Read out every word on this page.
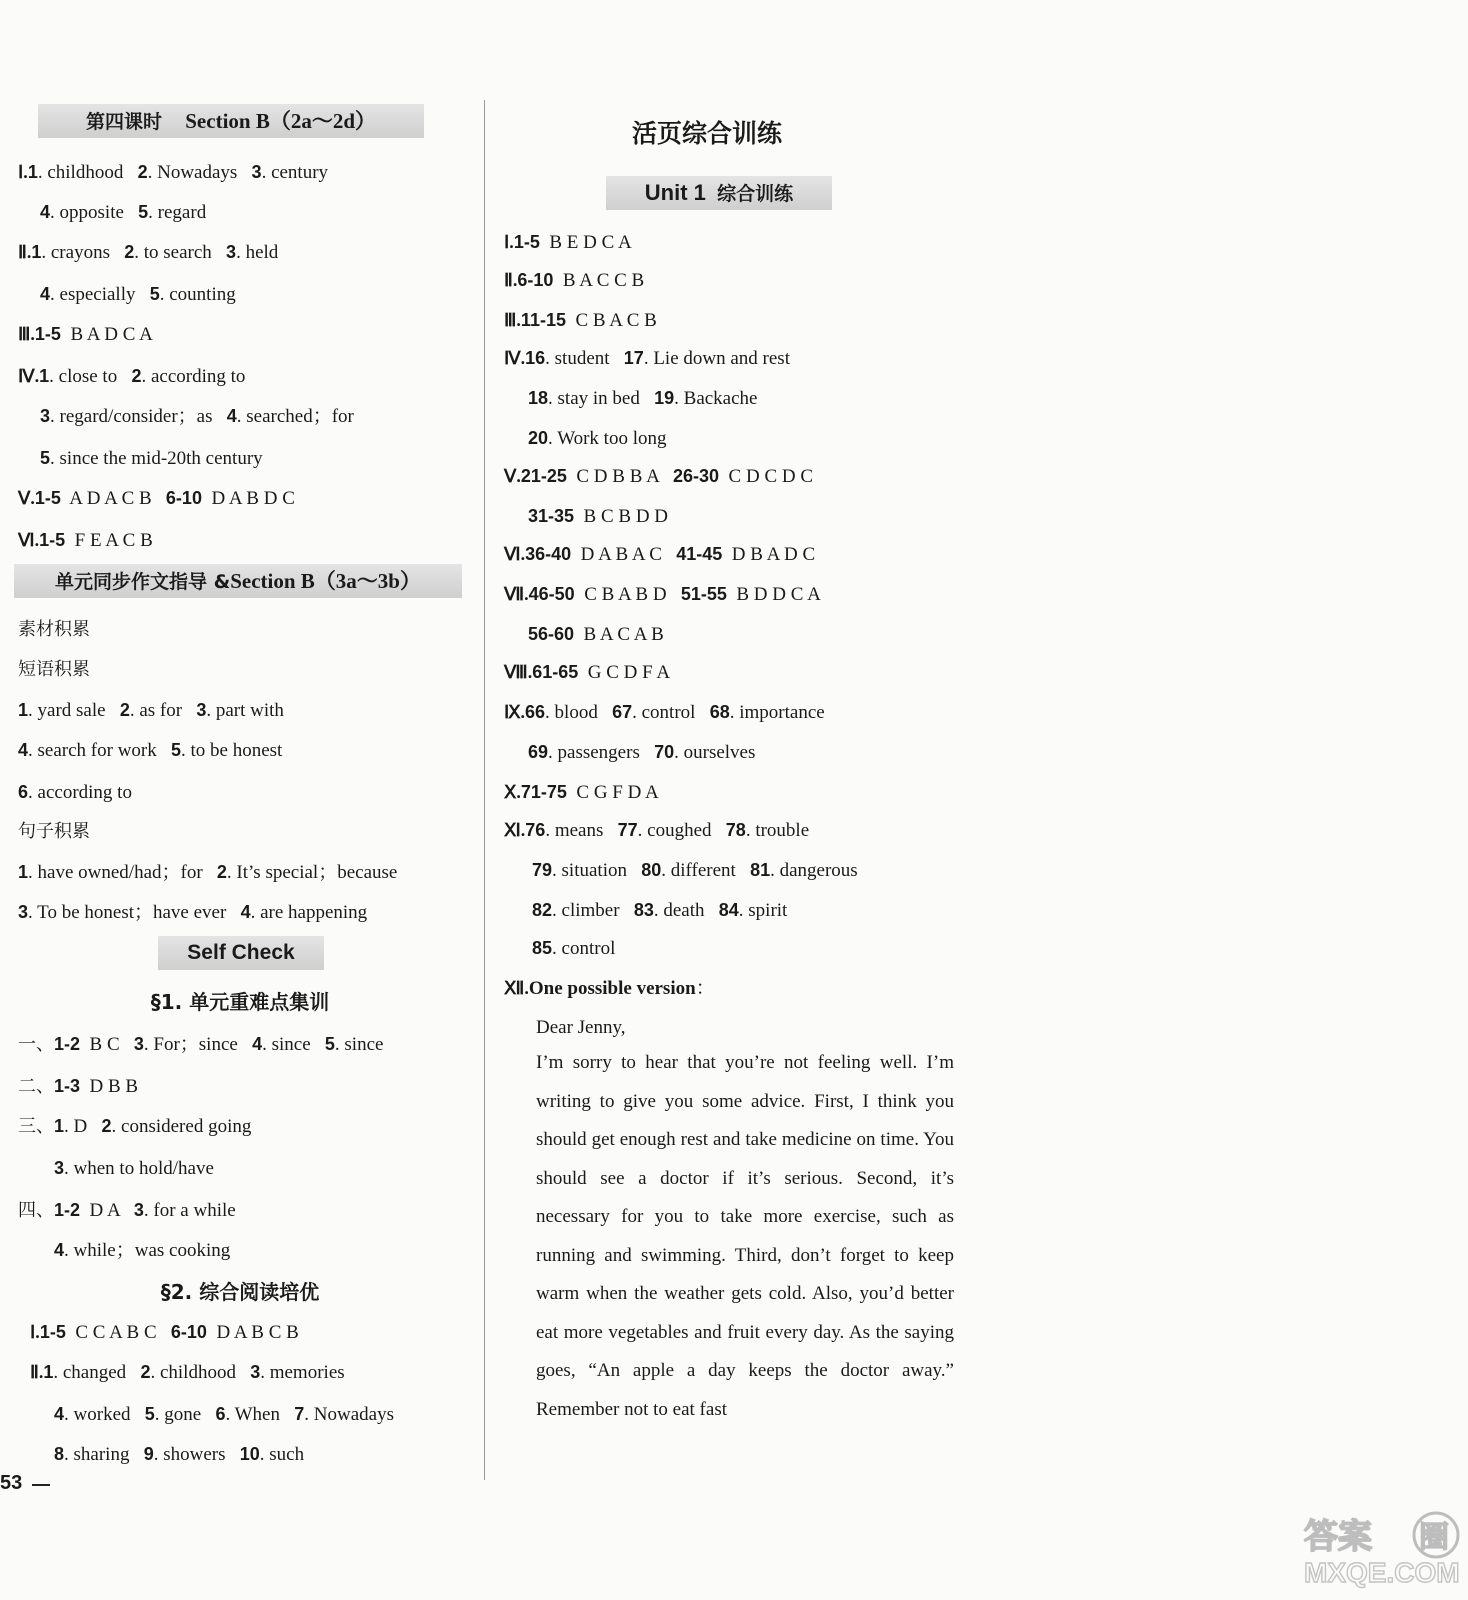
第四课时 Section B（2a～2d）
Ⅰ.1. childhood   2. Nowadays   3. century
4. opposite   5. regard
Ⅱ.1. crayons   2. to search   3. held
4. especially   5. counting
Ⅲ.1-5  B A D C A
Ⅳ.1. close to   2. according to
3. regard/consider；as   4. searched；for
5. since the mid-20th century
Ⅴ.1-5  A D A C B   6-10  D A B D C
Ⅵ.1-5  F E A C B
单元同步作文指导 &Section B（3a～3b）
素材积累
短语积累
1. yard sale   2. as for   3. part with
4. search for work   5. to be honest
6. according to
句子积累
1. have owned/had；for   2. It’s special；because
3. To be honest；have ever   4. are happening
Self Check
§1. 单元重难点集训
一、1-2  B C   3. For；since   4. since   5. since
二、1-3  D B B
三、1. D   2. considered going
3. when to hold/have
四、1-2  D A   3. for a while
4. while；was cooking
§2. 综合阅读培优
Ⅰ.1-5  C C A B C   6-10  D A B C B
Ⅱ.1. changed   2. childhood   3. memories
4. worked   5. gone   6. When   7. Nowadays
8. sharing   9. showers   10. such
53
活页综合训练
Unit 1 综合训练
Ⅰ.1-5  B E D C A
Ⅱ.6-10  B A C C B
Ⅲ.11-15  C B A C B
Ⅳ.16. student   17. Lie down and rest
18. stay in bed   19. Backache
20. Work too long
Ⅴ.21-25  C D B B A   26-30  C D C D C
31-35  B C B D D
Ⅵ.36-40  D A B A C   41-45  D B A D C
Ⅶ.46-50  C B A B D   51-55  B D D C A
56-60  B A C A B
Ⅷ.61-65  G C D F A
Ⅸ.66. blood   67. control   68. importance
69. passengers   70. ourselves
Ⅹ.71-75  C G F D A
Ⅺ.76. means   77. coughed   78. trouble
79. situation   80. different   81. dangerous
82. climber   83. death   84. spirit
85. control
Ⅻ.One possible version：
Dear Jenny,
I’m sorry to hear that you’re not feeling well. I’m writing to give you some advice. First, I think you should get enough rest and take medicine on time. You should see a doctor if it’s serious. Second, it’s necessary for you to take more exercise, such as running and swimming. Third, don’t forget to keep warm when the weather gets cold. Also, you’d better eat more vegetables and fruit every day. As the saying goes, “An apple a day keeps the doctor away.” Remember not to eat fast
答案 圈
MXQE.COM
